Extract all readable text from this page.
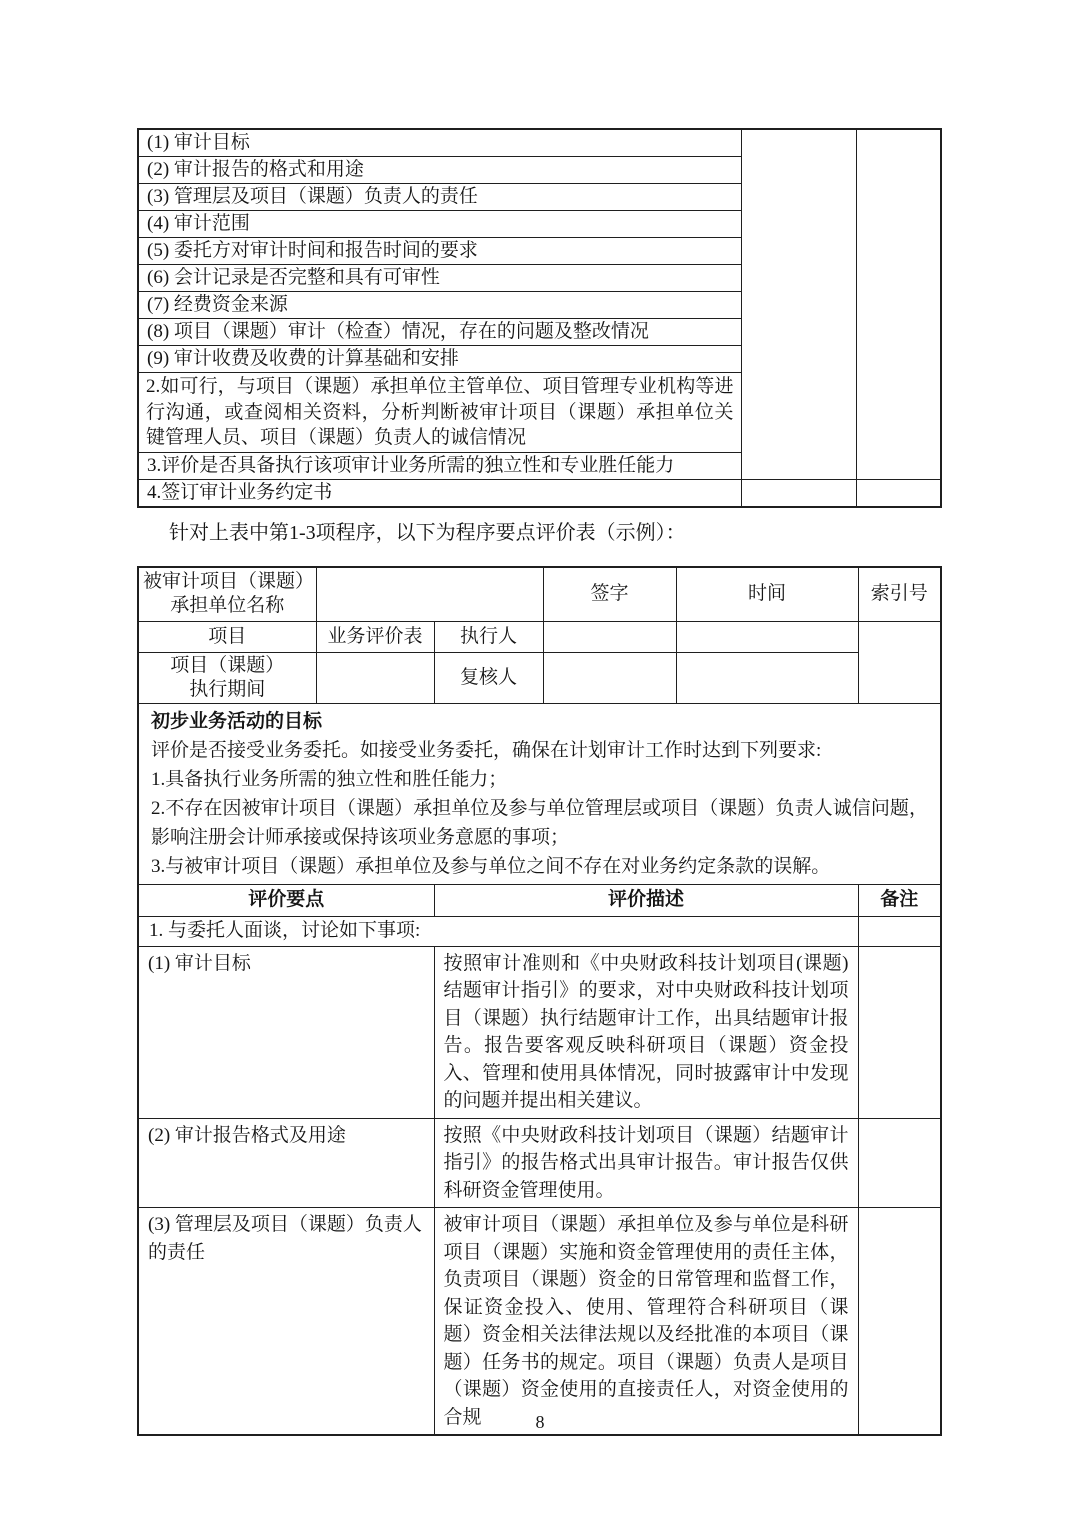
(1) 审计目标		
(2) 审计报告的格式和用途		
(3) 管理层及项目（课题）负责人的责任		
(4) 审计范围		
(5) 委托方对审计时间和报告时间的要求		
(6) 会计记录是否完整和具有可审性		
(7) 经费资金来源		
(8) 项目（课题）审计（检查）情况，存在的问题及整改情况		
(9) 审计收费及收费的计算基础和安排		
2.如可行，与项目（课题）承担单位主管单位、项目管理专业机构等进行沟通，或查阅相关资料，分析判断被审计项目（课题）承担单位关键管理人员、项目（课题）负责人的诚信情况		
3.评价是否具备执行该项审计业务所需的独立性和专业胜任能力		
4.签订审计业务约定书		
针对上表中第1-3项程序，以下为程序要点评价表（示例）：
被审计项目（课题）
承担单位名称			签字	时间	索引号
项目	业务评价表	执行人			

项目（课题）
执行期间		复核人			

初步业务活动的目标
评价是否接受业务委托。如接受业务委托，确保在计划审计工作时达到下列要求:
1.具备执行业务所需的独立性和胜任能力；
2.不存在因被审计项目（课题）承担单位及参与单位管理层或项目（课题）负责人诚信问题，影响注册会计师承接或保持该项业务意愿的事项；
3.与被审计项目（课题）承担单位及参与单位之间不存在对业务约定条款的误解。					

评价要点		评价描述			备注
1. 与委托人面谈，讨论如下事项:					
(1) 审计目标		按照审计准则和《中央财政科技计划项目(课题)结题审计指引》的要求，对中央财政科技计划项目（课题）执行结题审计工作，出具结题审计报告。报告要客观反映科研项目（课题）资金投入、管理和使用具体情况，同时披露审计中发现的问题并提出相关建议。			
(2) 审计报告格式及用途		按照《中央财政科技计划项目（课题）结题审计指引》的报告格式出具审计报告。审计报告仅供科研资金管理使用。			
(3) 管理层及项目（课题）负责人的责任		被审计项目（课题）承担单位及参与单位是科研项目（课题）实施和资金管理使用的责任主体，负责项目（课题）资金的日常管理和监督工作，保证资金投入、使用、管理符合科研项目（课题）资金相关法律法规以及经批准的本项目（课题）任务书的规定。项目（课题）负责人是项目（课题）资金使用的直接责任人，对资金使用的合规				8
